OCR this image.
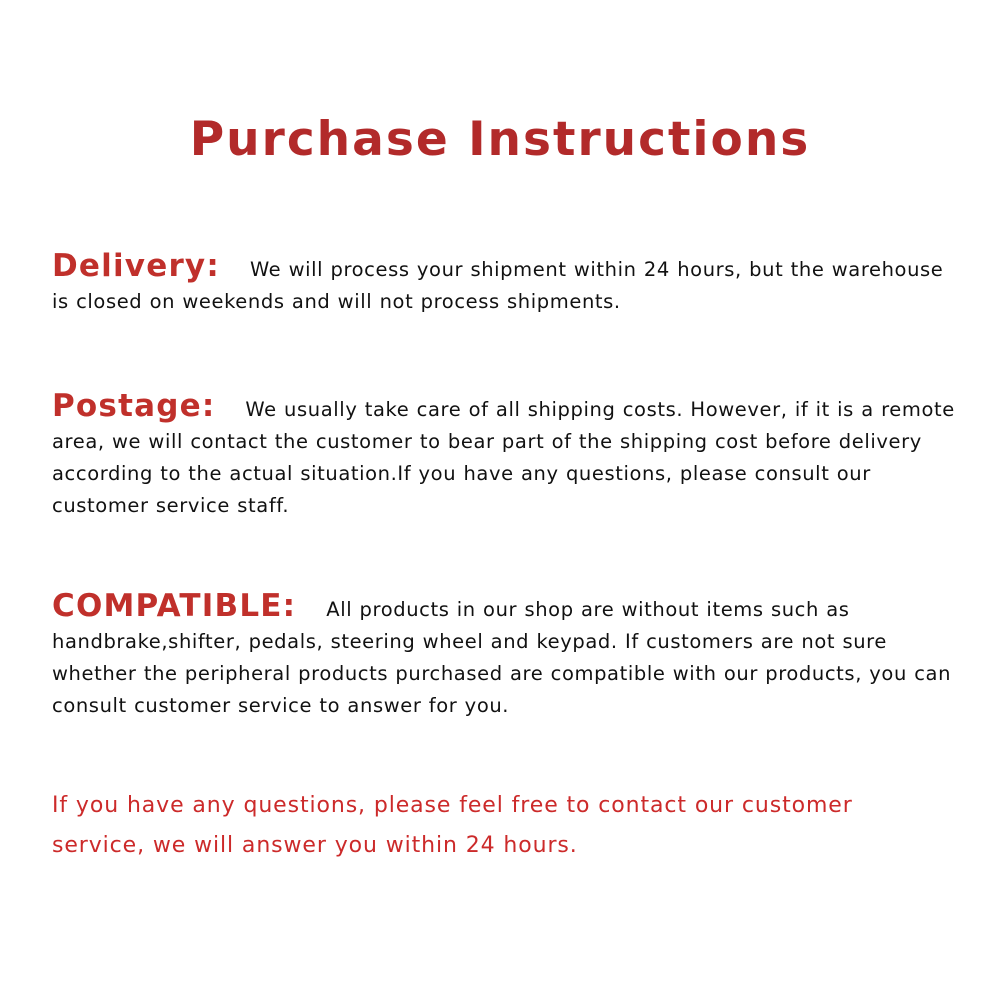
Purchase Instructions
Delivery: We will process your shipment within 24 hours, but the warehouse is closed on weekends and will not process shipments.
Postage: We usually take care of all shipping costs. However, if it is a remote area, we will contact the customer to bear part of the shipping cost before delivery according to the actual situation.If you have any questions, please consult our customer service staff.
COMPATIBLE: All products in our shop are without items such as handbrake,shifter, pedals, steering wheel and keypad. If customers are not sure whether the peripheral products purchased are compatible with our products, you can consult customer service to answer for you.

If you have any questions, please feel free to contact our customer service, we will answer you within 24 hours.
